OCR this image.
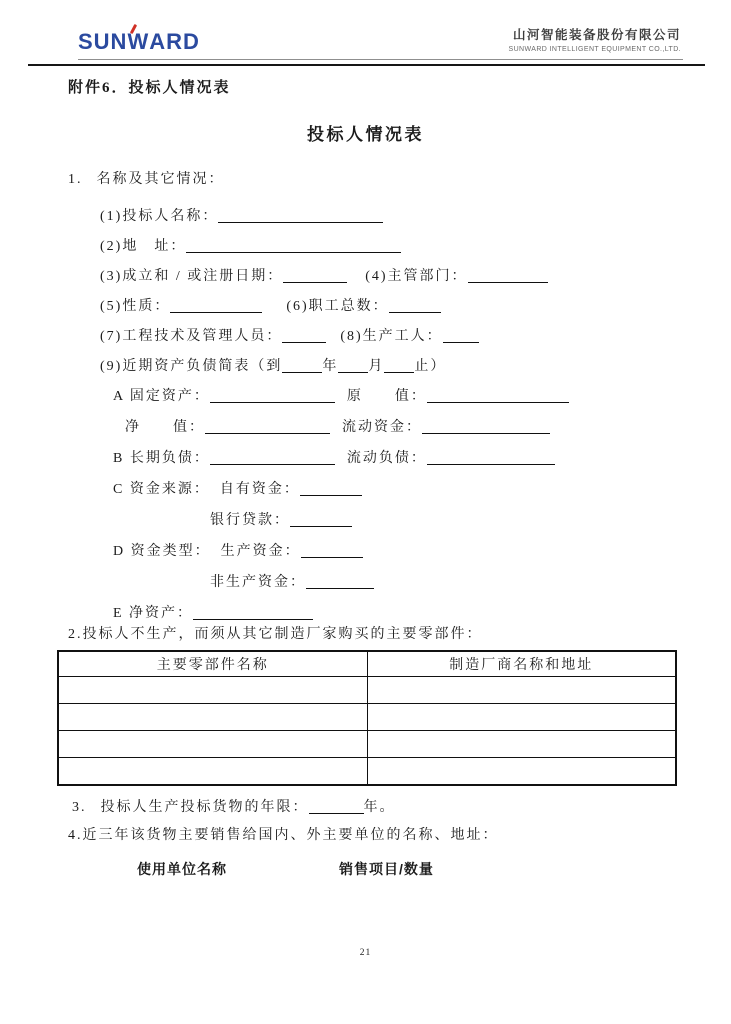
SUN
WARD	山河智能装备股份有限公司
SUNWARD INTELLIGENT EQUIPMENT CO.,LTD.
附件6．投标人情况表
投标人情况表
1. 名称及其它情况：
(1)投标人名称：
(2)地　址：
(3)成立和 / 或注册日期：	(4)主管部门：
(5)性质：	(6)职工总数：
(7)工程技术及管理人员：	(8)生产工人：
(9)近期资产负债简表（到	年 月 止）
A 固定资产：	原　　值：
净　　值：	流动资金：
B 长期负债：	流动负债：
C 资金来源： 自有资金：
银行贷款：
D 资金类型： 生产资金：
非生产资金：
E 净资产：
2.投标人不生产，而须从其它制造厂家购买的主要零部件：
主要零部件名称	制造厂商名称和地址

3. 投标人生产投标货物的年限：	年。
4.近三年该货物主要销售给国内、外主要单位的名称、地址：
使用单位名称	销售项目/数量
21
